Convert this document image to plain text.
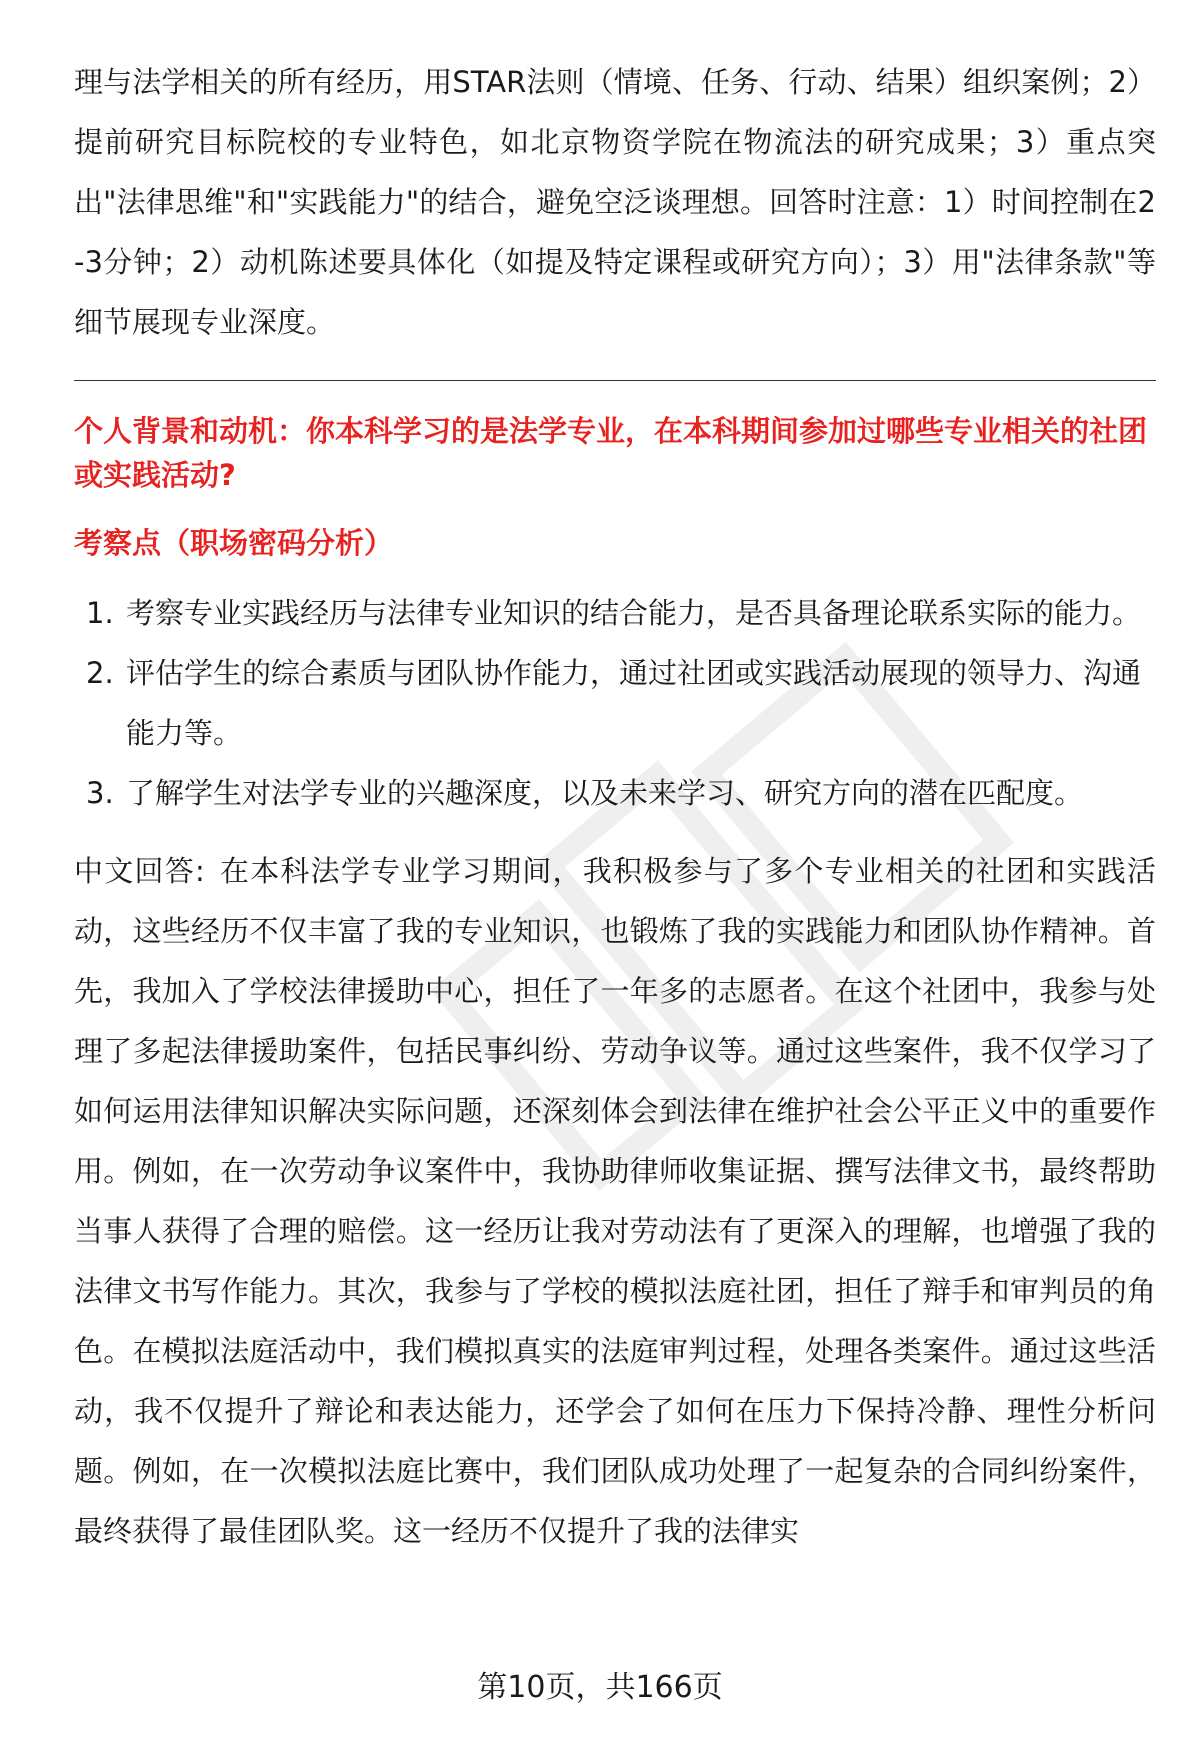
理与法学相关的所有经历，用STAR法则（情境、任务、行动、结果）组织案例；2）提前研究目标院校的专业特色，如北京物资学院在物流法的研究成果；3）重点突出"法律思维"和"实践能力"的结合，避免空泛谈理想。回答时注意：1）时间控制在2-3分钟；2）动机陈述要具体化（如提及特定课程或研究方向）；3）用"法律条款"等细节展现专业深度。

个人背景和动机：你本科学习的是法学专业，在本科期间参加过哪些专业相关的社团或实践活动?
考察点（职场密码分析）
1. 考察专业实践经历与法律专业知识的结合能力，是否具备理论联系实际的能力。
2. 评估学生的综合素质与团队协作能力，通过社团或实践活动展现的领导力、沟通能力等。
3. 了解学生对法学专业的兴趣深度，以及未来学习、研究方向的潜在匹配度。

中文回答: 在本科法学专业学习期间，我积极参与了多个专业相关的社团和实践活动，这些经历不仅丰富了我的专业知识，也锻炼了我的实践能力和团队协作精神。首先，我加入了学校法律援助中心，担任了一年多的志愿者。在这个社团中，我参与处理了多起法律援助案件，包括民事纠纷、劳动争议等。通过这些案件，我不仅学习了如何运用法律知识解决实际问题，还深刻体会到法律在维护社会公平正义中的重要作用。例如，在一次劳动争议案件中，我协助律师收集证据、撰写法律文书，最终帮助当事人获得了合理的赔偿。这一经历让我对劳动法有了更深入的理解，也增强了我的法律文书写作能力。其次，我参与了学校的模拟法庭社团，担任了辩手和审判员的角色。在模拟法庭活动中，我们模拟真实的法庭审判过程，处理各类案件。通过这些活动，我不仅提升了辩论和表达能力，还学会了如何在压力下保持冷静、理性分析问题。例如，在一次模拟法庭比赛中，我们团队成功处理了一起复杂的合同纠纷案件，最终获得了最佳团队奖。这一经历不仅提升了我的法律实

第10页，共166页
